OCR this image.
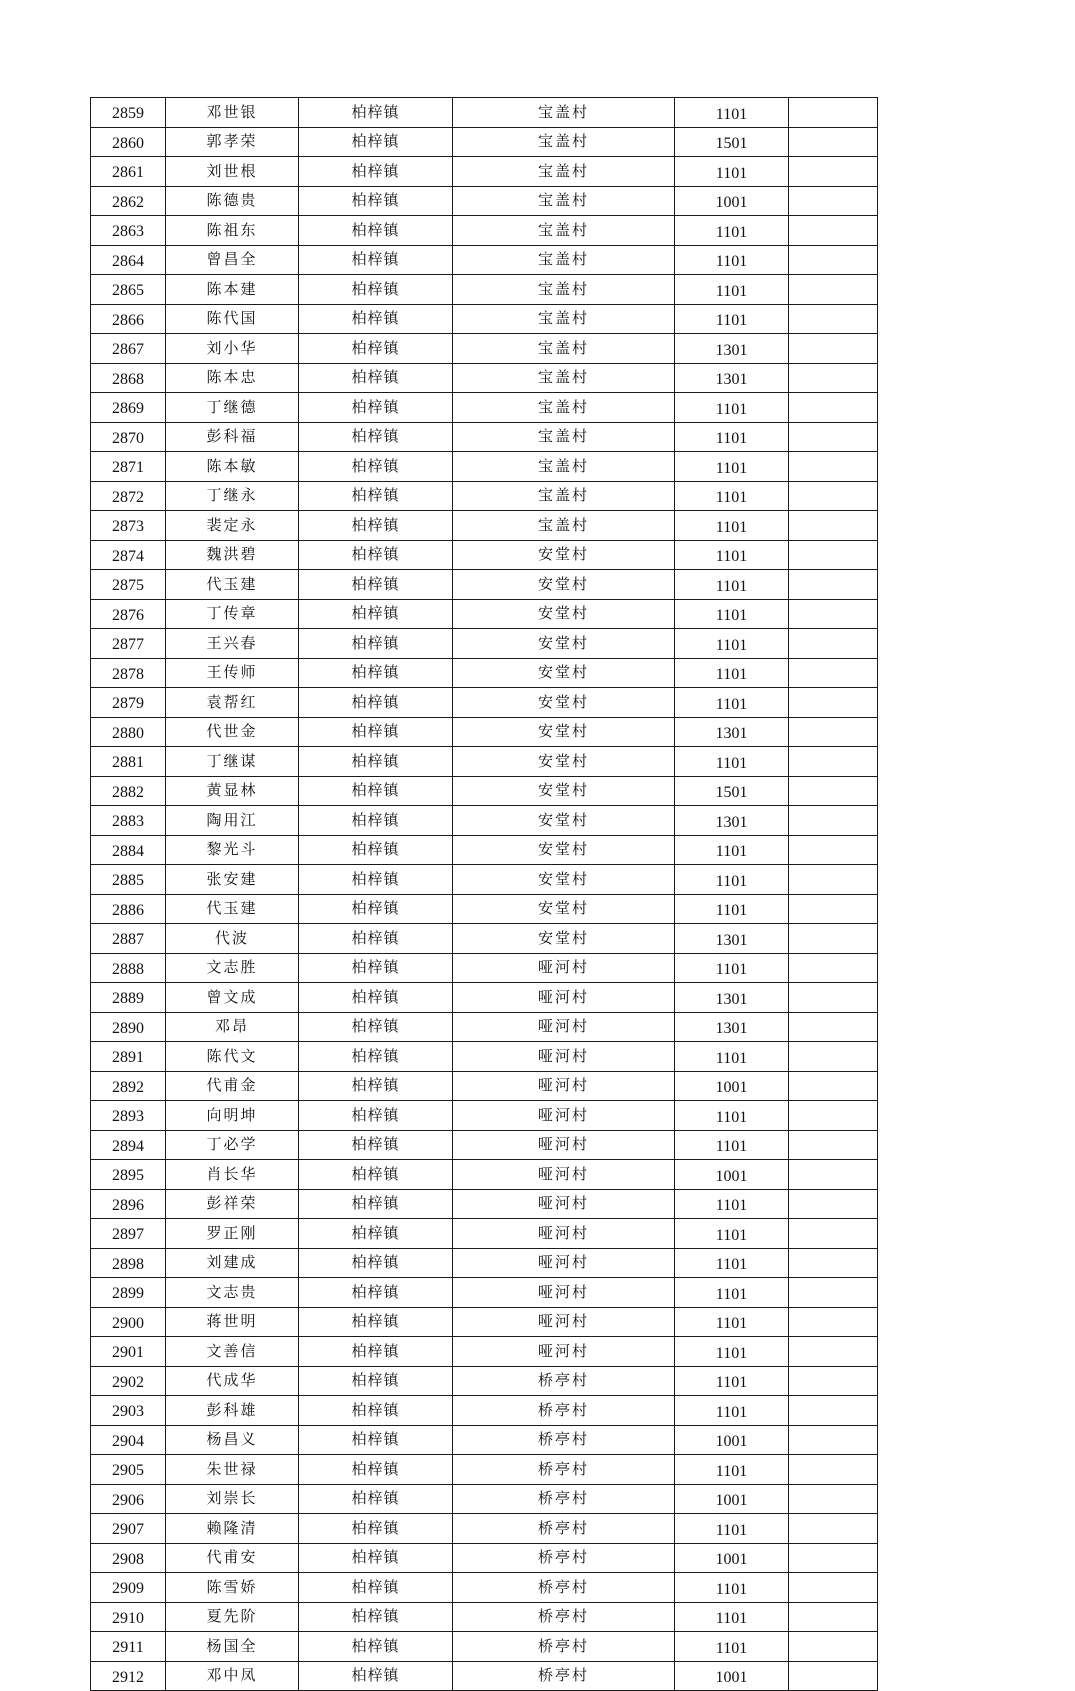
2859	邓世银	柏梓镇	宝盖村	1101	
2860	郭孝荣	柏梓镇	宝盖村	1501	
2861	刘世根	柏梓镇	宝盖村	1101	
2862	陈德贵	柏梓镇	宝盖村	1001	
2863	陈祖东	柏梓镇	宝盖村	1101	
2864	曾昌全	柏梓镇	宝盖村	1101	
2865	陈本建	柏梓镇	宝盖村	1101	
2866	陈代国	柏梓镇	宝盖村	1101	
2867	刘小华	柏梓镇	宝盖村	1301	
2868	陈本忠	柏梓镇	宝盖村	1301	
2869	丁继德	柏梓镇	宝盖村	1101	
2870	彭科福	柏梓镇	宝盖村	1101	
2871	陈本敏	柏梓镇	宝盖村	1101	
2872	丁继永	柏梓镇	宝盖村	1101	
2873	裴定永	柏梓镇	宝盖村	1101	
2874	魏洪碧	柏梓镇	安堂村	1101	
2875	代玉建	柏梓镇	安堂村	1101	
2876	丁传章	柏梓镇	安堂村	1101	
2877	王兴春	柏梓镇	安堂村	1101	
2878	王传师	柏梓镇	安堂村	1101	
2879	袁帮红	柏梓镇	安堂村	1101	
2880	代世金	柏梓镇	安堂村	1301	
2881	丁继谋	柏梓镇	安堂村	1101	
2882	黄显林	柏梓镇	安堂村	1501	
2883	陶用江	柏梓镇	安堂村	1301	
2884	黎光斗	柏梓镇	安堂村	1101	
2885	张安建	柏梓镇	安堂村	1101	
2886	代玉建	柏梓镇	安堂村	1101	
2887	代波	柏梓镇	安堂村	1301	
2888	文志胜	柏梓镇	哑河村	1101	
2889	曾文成	柏梓镇	哑河村	1301	
2890	邓昂	柏梓镇	哑河村	1301	
2891	陈代文	柏梓镇	哑河村	1101	
2892	代甫金	柏梓镇	哑河村	1001	
2893	向明坤	柏梓镇	哑河村	1101	
2894	丁必学	柏梓镇	哑河村	1101	
2895	肖长华	柏梓镇	哑河村	1001	
2896	彭祥荣	柏梓镇	哑河村	1101	
2897	罗正刚	柏梓镇	哑河村	1101	
2898	刘建成	柏梓镇	哑河村	1101	
2899	文志贵	柏梓镇	哑河村	1101	
2900	蒋世明	柏梓镇	哑河村	1101	
2901	文善信	柏梓镇	哑河村	1101	
2902	代成华	柏梓镇	桥亭村	1101	
2903	彭科雄	柏梓镇	桥亭村	1101	
2904	杨昌义	柏梓镇	桥亭村	1001	
2905	朱世禄	柏梓镇	桥亭村	1101	
2906	刘崇长	柏梓镇	桥亭村	1001	
2907	赖隆清	柏梓镇	桥亭村	1101	
2908	代甫安	柏梓镇	桥亭村	1001	
2909	陈雪娇	柏梓镇	桥亭村	1101	
2910	夏先阶	柏梓镇	桥亭村	1101	
2911	杨国全	柏梓镇	桥亭村	1101	
2912	邓中凤	柏梓镇	桥亭村	1001	
